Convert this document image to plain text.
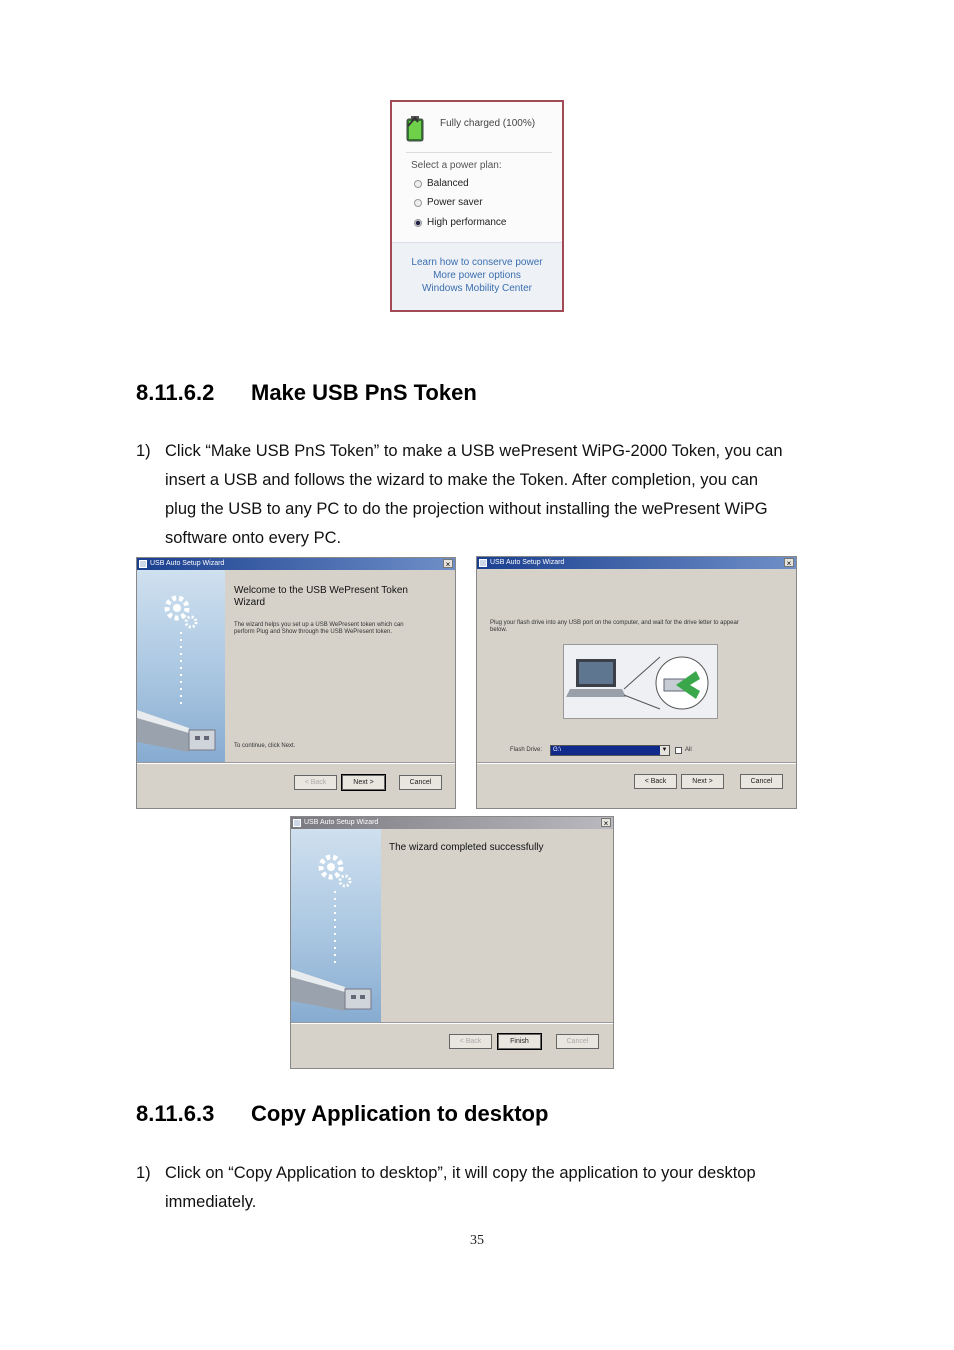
Fully charged (100%)
Select a power plan:
Balanced
Power saver
High performance
Learn how to conserve power
More power options
Windows Mobility Center
8.11.6.2 Make USB PnS Token
1) Click “Make USB PnS Token” to make a USB wePresent WiPG-2000 Token, you can
insert a USB and follows the wizard to make the Token. After completion, you can
plug the USB to any PC to do the projection without installing the wePresent WiPG
software onto every PC.
USB Auto Setup Wizard	×
Welcome to the USB WePresent Token
Wizard
The wizard helps you set up a USB WePresent token which can
perform Plug and Show through the USB WePresent token.
To continue, click Next.
< Back	Next >	Cancel
USB Auto Setup Wizard	×
Plug your flash drive into any USB port on the computer, and wait for the drive letter to appear
below.
Flash Drive: G:\	▼	All
< Back	Next >	Cancel
USB Auto Setup Wizard	×
The wizard completed successfully
< Back	Finish	Cancel
8.11.6.3 Copy Application to desktop
1) Click on “Copy Application to desktop”, it will copy the application to your desktop
immediately.
35
